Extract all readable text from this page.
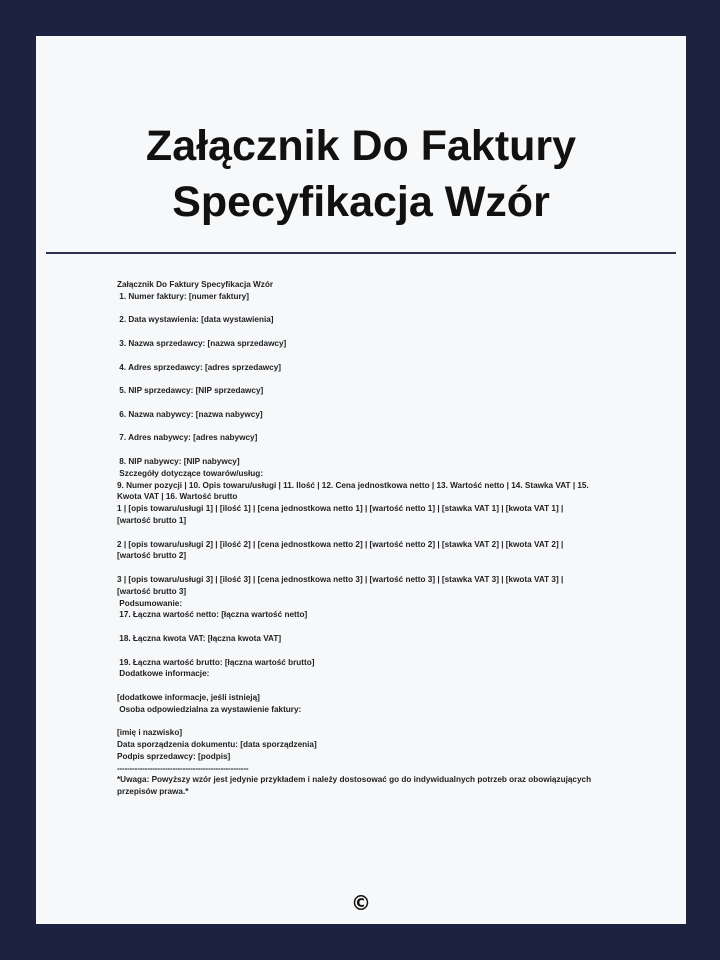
Załącznik Do Faktury
Specyfikacja Wzór
Załącznik Do Faktury Specyfikacja Wzór
1. Numer faktury: [numer faktury]
2. Data wystawienia: [data wystawienia]
3. Nazwa sprzedawcy: [nazwa sprzedawcy]
4. Adres sprzedawcy: [adres sprzedawcy]
5. NIP sprzedawcy: [NIP sprzedawcy]
6. Nazwa nabywcy: [nazwa nabywcy]
7. Adres nabywcy: [adres nabywcy]
8. NIP nabywcy: [NIP nabywcy]
Szczegóły dotyczące towarów/usług:
9. Numer pozycji | 10. Opis towaru/usługi | 11. Ilość | 12. Cena jednostkowa netto | 13. Wartość netto | 14. Stawka VAT | 15. Kwota VAT | 16. Wartość brutto
1 | [opis towaru/usługi 1] | [ilość 1] | [cena jednostkowa netto 1] | [wartość netto 1] | [stawka VAT 1] | [kwota VAT 1] | [wartość brutto 1]
2 | [opis towaru/usługi 2] | [ilość 2] | [cena jednostkowa netto 2] | [wartość netto 2] | [stawka VAT 2] | [kwota VAT 2] | [wartość brutto 2]
3 | [opis towaru/usługi 3] | [ilość 3] | [cena jednostkowa netto 3] | [wartość netto 3] | [stawka VAT 3] | [kwota VAT 3] | [wartość brutto 3]
Podsumowanie:
17. Łączna wartość netto: [łączna wartość netto]
18. Łączna kwota VAT: [łączna kwota VAT]
19. Łączna wartość brutto: [łączna wartość brutto]
Dodatkowe informacje:
[dodatkowe informacje, jeśli istnieją]
Osoba odpowiedzialna za wystawienie faktury:
[imię i nazwisko]
Data sporządzenia dokumentu: [data sporządzenia]
Podpis sprzedawcy: [podpis]
----------------------------------------------------
*Uwaga: Powyższy wzór jest jedynie przykładem i należy dostosować go do indywidualnych potrzeb oraz obowiązujących przepisów prawa.*
©
